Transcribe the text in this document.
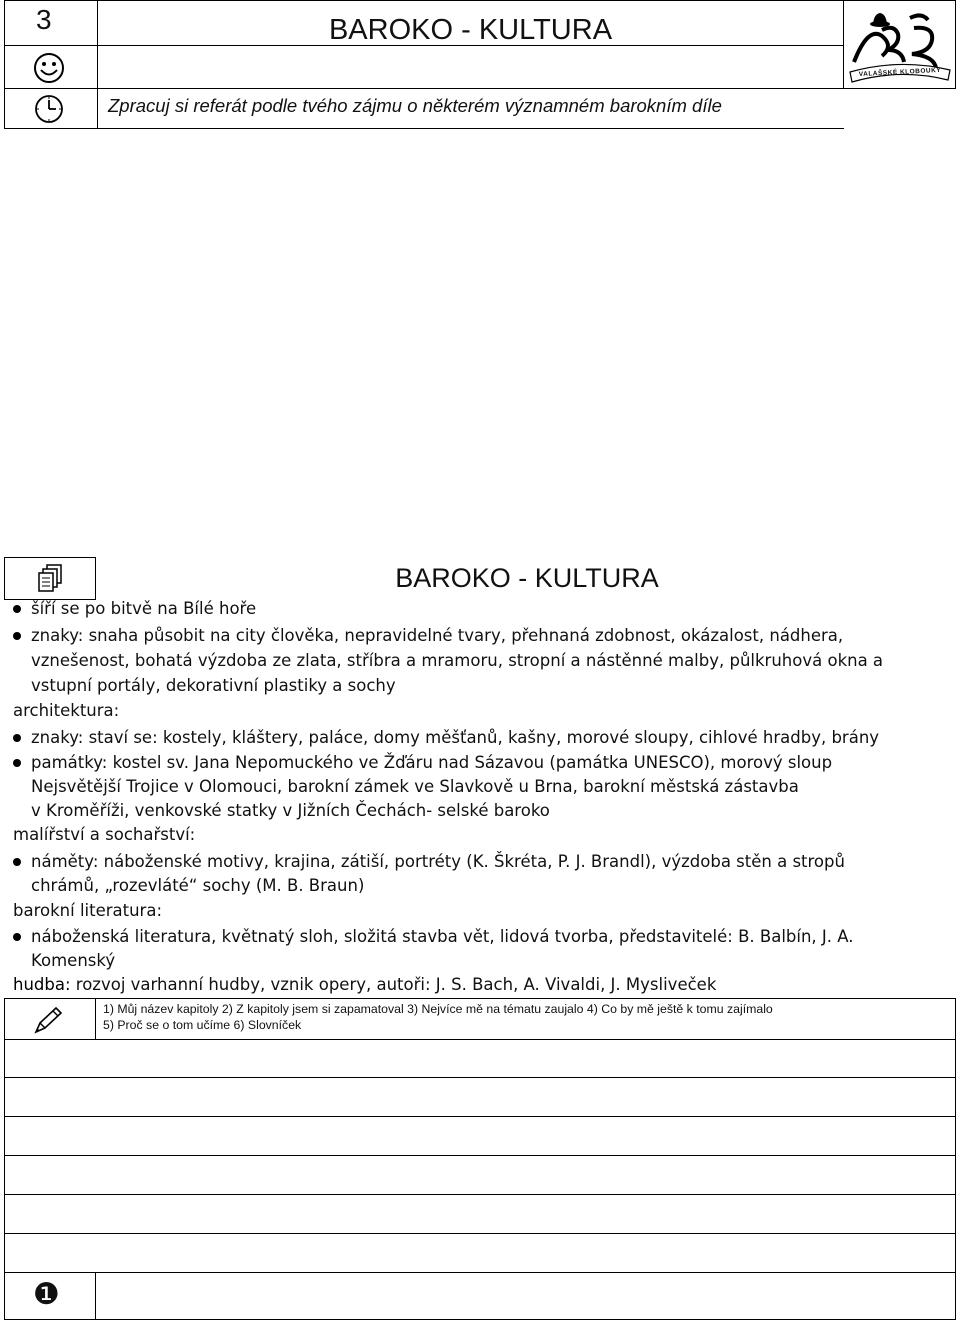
3	BAROKO - KULTURA
Zpracuj si referát podle tvého zájmu o některém významném barokním díle
VALAŠSKÉ KLOBOUKY
BAROKO - KULTURA
šíří se po bitvě na Bílé hoře
znaky: snaha působit na city člověka, nepravidelné tvary, přehnaná zdobnost, okázalost, nádhera,
vznešenost, bohatá výzdoba ze zlata, stříbra a mramoru, stropní a nástěnné malby, půlkruhová okna a
vstupní portály, dekorativní plastiky a sochy
architektura:
znaky: staví se: kostely, kláštery, paláce, domy měšťanů, kašny, morové sloupy, cihlové hradby, brány
památky: kostel sv. Jana Nepomuckého ve Žďáru nad Sázavou (památka UNESCO), morový sloup
Nejsvětější Trojice v Olomouci, barokní zámek ve Slavkově u Brna, barokní městská zástavba
v Kroměříži, venkovské statky v Jižních Čechách- selské baroko
malířství a sochařství:
náměty: náboženské motivy, krajina, zátiší, portréty (K. Škréta, P. J. Brandl), výzdoba stěn a stropů
chrámů, „rozevláté“ sochy (M. B. Braun)
barokní literatura:
náboženská literatura, květnatý sloh, složitá stavba vět, lidová tvorba, představitelé: B. Balbín, J. A.
Komenský
hudba: rozvoj varhanní hudby, vznik opery, autoři: J. S. Bach, A. Vivaldi, J. Mysliveček
1) Můj název kapitoly 2) Z kapitoly jsem si zapamatoval 3) Nejvíce mě na tématu zaujalo 4) Co by mě ještě k tomu zajímalo
5) Proč se o tom učíme 6) Slovníček
❶
